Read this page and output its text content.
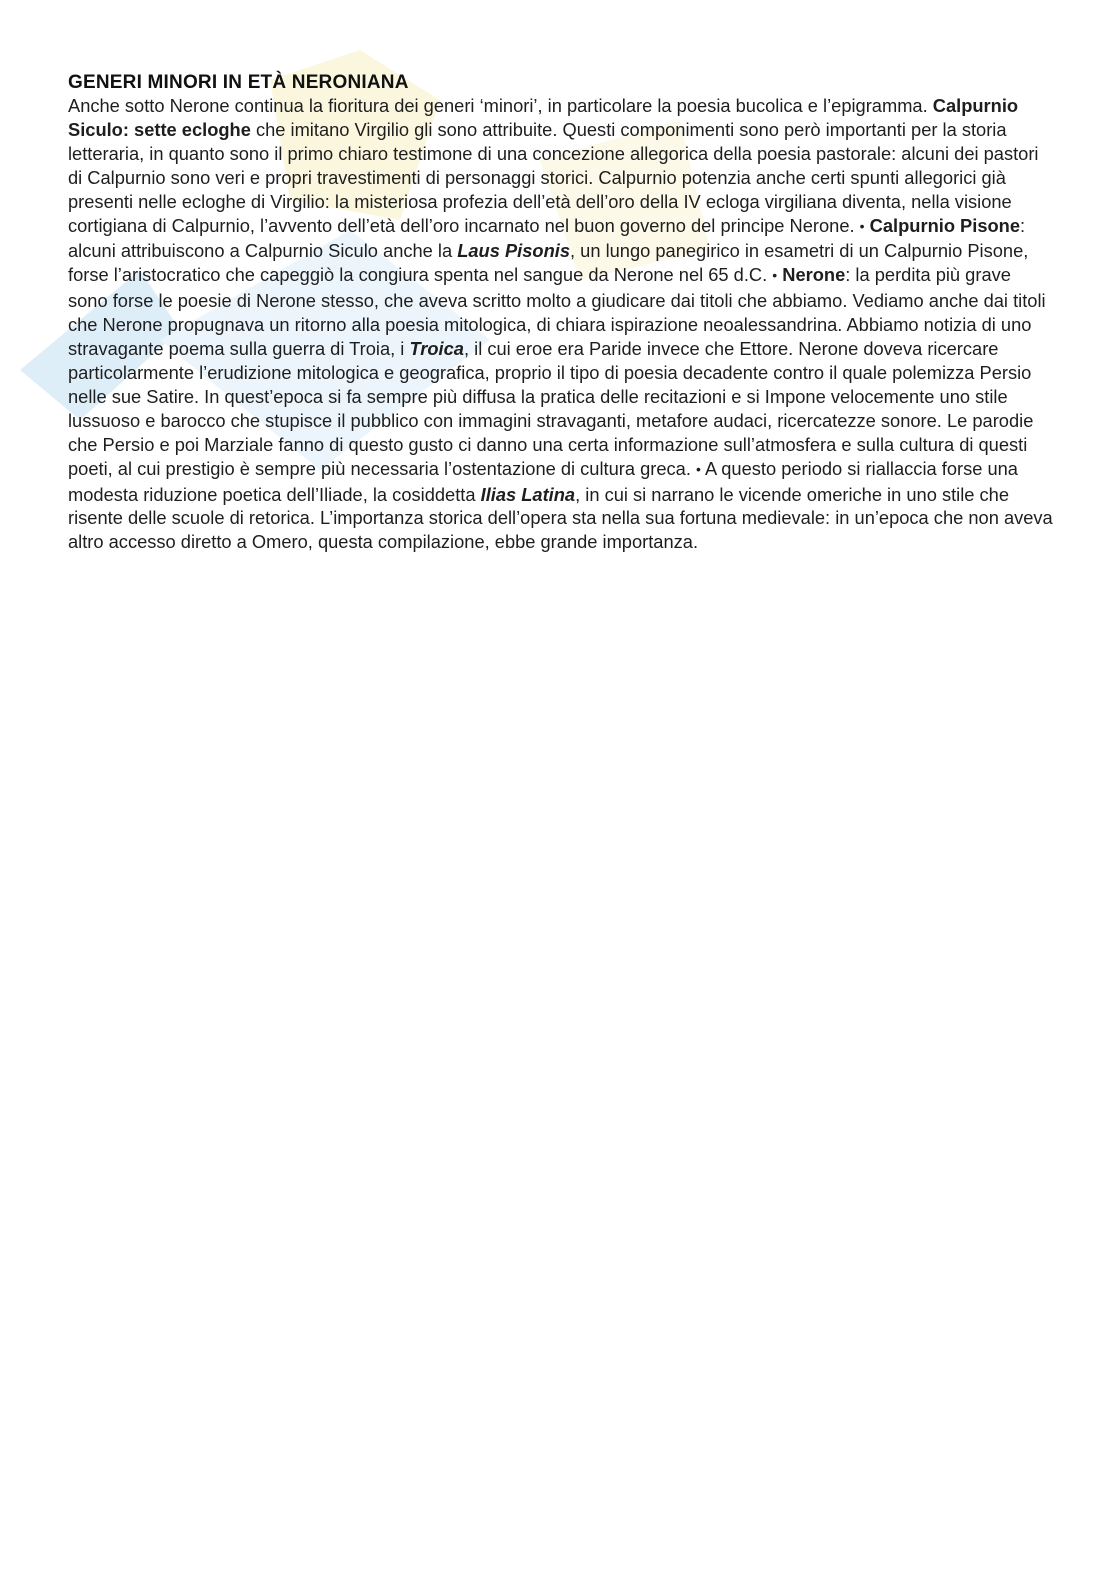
GENERI MINORI IN ETÀ NERONIANA

Anche sotto Nerone continua la fioritura dei generi ‘minori’, in particolare la poesia bucolica e l’epigramma. Calpurnio Siculo: sette ecloghe che imitano Virgilio gli sono attribuite. Questi componimenti sono però importanti per la storia letteraria, in quanto sono il primo chiaro testimone di una concezione allegorica della poesia pastorale: alcuni dei pastori di Calpurnio sono veri e propri travestimenti di personaggi storici. Calpurnio potenzia anche certi spunti allegorici già presenti nelle ecloghe di Virgilio: la misteriosa profezia dell’età dell’oro della IV ecloga virgiliana diventa, nella visione cortigiana di Calpurnio, l’avvento dell’età dell’oro incarnato nel buon governo del principe Nerone. • Calpurnio Pisone: alcuni attribuiscono a Calpurnio Siculo anche la Laus Pisonis, un lungo panegirico in esametri di un Calpurnio Pisone, forse l’aristocratico che capeggiò la congiura spenta nel sangue da Nerone nel 65 d.C. • Nerone: la perdita più grave sono forse le poesie di Nerone stesso, che aveva scritto molto a giudicare dai titoli che abbiamo. Vediamo anche dai titoli che Nerone propugnava un ritorno alla poesia mitologica, di chiara ispirazione neoalessandrina. Abbiamo notizia di uno stravagante poema sulla guerra di Troia, i Troica, il cui eroe era Paride invece che Ettore. Nerone doveva ricercare particolarmente l’erudizione mitologica e geografica, proprio il tipo di poesia decadente contro il quale polemizza Persio nelle sue Satire. In quest’epoca si fa sempre più diffusa la pratica delle recitazioni e si Impone velocemente uno stile lussuoso e barocco che stupisce il pubblico con immagini stravaganti, metafore audaci, ricercatezze sonore. Le parodie che Persio e poi Marziale fanno di questo gusto ci danno una certa informazione sull’atmosfera e sulla cultura di questi poeti, al cui prestigio è sempre più necessaria l’ostentazione di cultura greca. • A questo periodo si riallaccia forse una modesta riduzione poetica dell’Iliade, la cosiddetta Ilias Latina, in cui si narrano le vicende omeriche in uno stile che risente delle scuole di retorica. L’importanza storica dell’opera sta nella sua fortuna medievale: in un’epoca che non aveva altro accesso diretto a Omero, questa compilazione, ebbe grande importanza.
